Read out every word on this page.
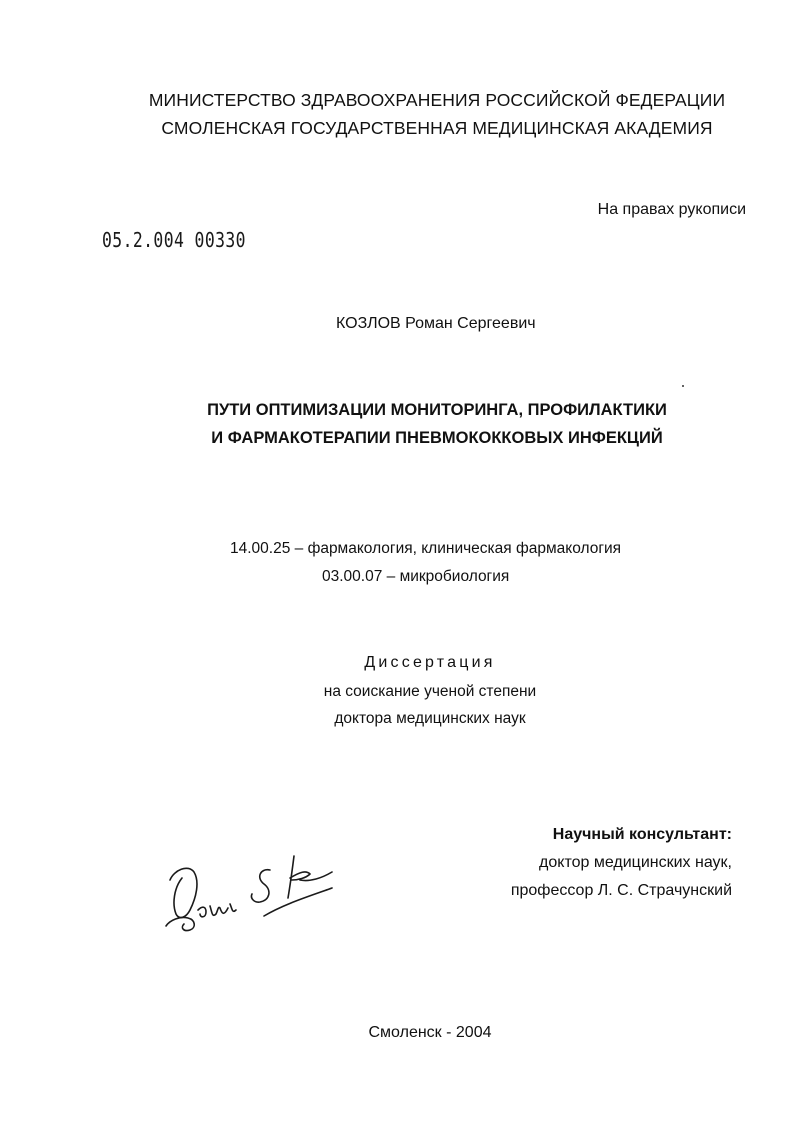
МИНИСТЕРСТВО ЗДРАВООХРАНЕНИЯ РОССИЙСКОЙ ФЕДЕРАЦИИ
СМОЛЕНСКАЯ ГОСУДАРСТВЕННАЯ МЕДИЦИНСКАЯ АКАДЕМИЯ
На правах рукописи
05.2.004 00330
КОЗЛОВ Роман Сергеевич
ПУТИ ОПТИМИЗАЦИИ МОНИТОРИНГА, ПРОФИЛАКТИКИ
И ФАРМАКОТЕРАПИИ ПНЕВМОКОККОВЫХ ИНФЕКЦИЙ
14.00.25 – фармакология, клиническая фармакология
03.00.07 – микробиология
Диссертация
на соискание ученой степени
доктора медицинских наук
Научный консультант:
доктор медицинских наук,
профессор Л. С. Страчунский
Roman S.
Смоленск - 2004
